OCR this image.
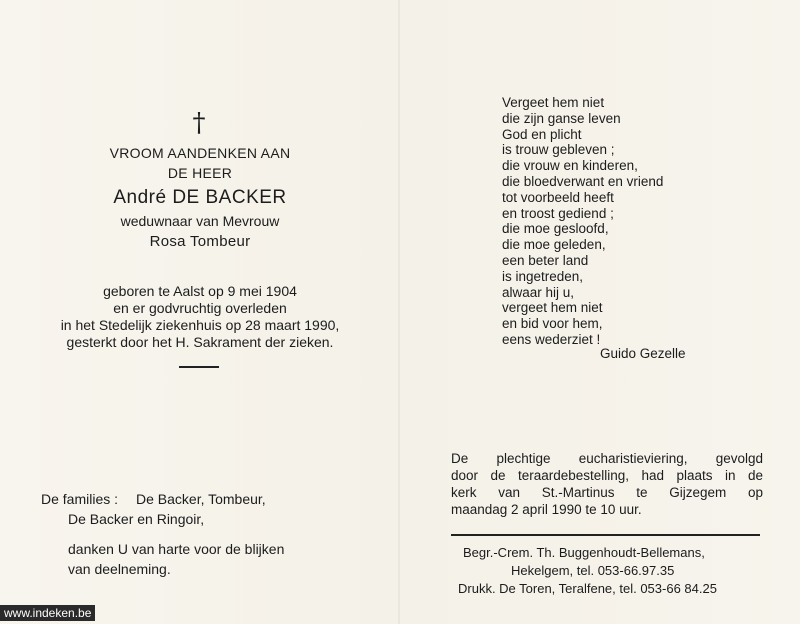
†
VROOM AANDENKEN AAN
DE HEER
André DE BACKER
weduwnaar van Mevrouw
Rosa Tombeur
geboren te Aalst op 9 mei 1904
en er godvruchtig overleden
in het Stedelijk ziekenhuis op 28 maart 1990,
gesterkt door het H. Sakrament der zieken.
De families : De Backer, Tombeur,
De Backer en Ringoir,
danken U van harte voor de blijken
van deelneming.
Vergeet hem niet
die zijn ganse leven
God en plicht
is trouw gebleven ;
die vrouw en kinderen,
die bloedverwant en vriend
tot voorbeeld heeft
en troost gediend ;
die moe gesloofd,
die moe geleden,
een beter land
is ingetreden,
alwaar hij u,
vergeet hem niet
en bid voor hem,
eens wederziet !
Guido Gezelle
De plechtige eucharistieviering, gevolgd
door de teraardebestelling, had plaats in de
kerk van St.-Martinus te Gijzegem op
maandag 2 april 1990 te 10 uur.
Begr.-Crem. Th. Buggenhoudt-Bellemans,
Hekelgem, tel. 053-66.97.35
Drukk. De Toren, Teralfene, tel. 053-66 84.25
www.indeken.be
